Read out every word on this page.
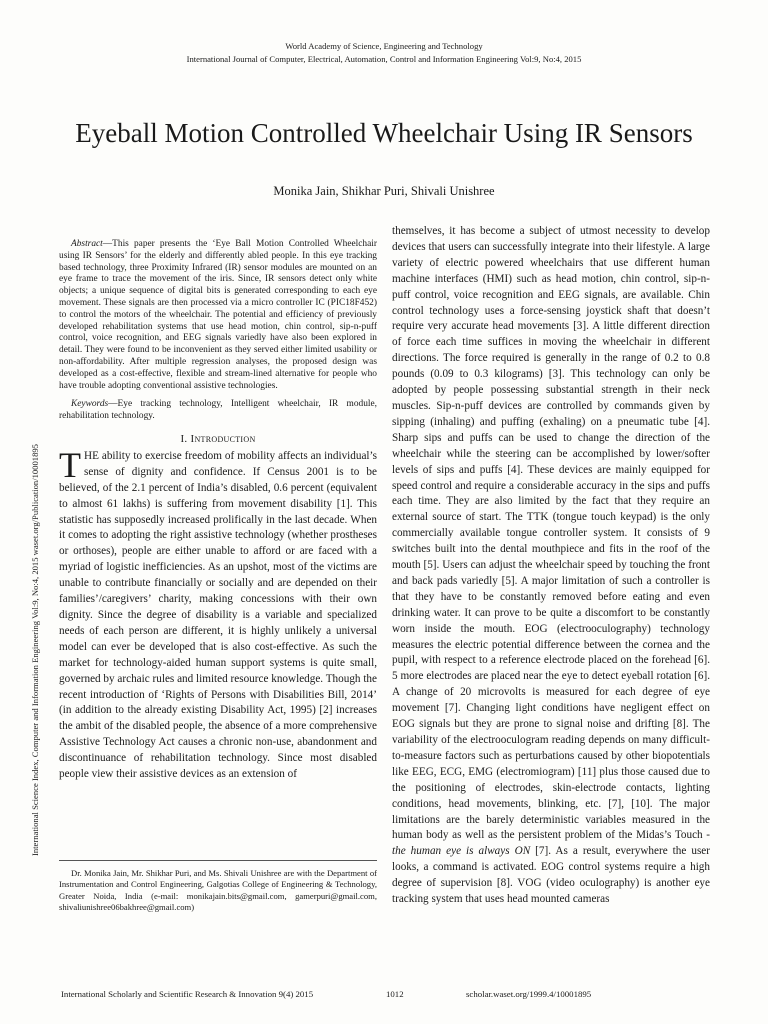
World Academy of Science, Engineering and Technology
International Journal of Computer, Electrical, Automation, Control and Information Engineering Vol:9, No:4, 2015
International Science Index, Computer and Information Engineering Vol:9, No:4, 2015 waset.org/Publication/10001895
Eyeball Motion Controlled Wheelchair Using IR Sensors
Monika Jain, Shikhar Puri, Shivali Unishree

Abstract—This paper presents the ‘Eye Ball Motion Controlled Wheelchair using IR Sensors’ for the elderly and differently abled people. In this eye tracking based technology, three Proximity Infrared (IR) sensor modules are mounted on an eye frame to trace the movement of the iris. Since, IR sensors detect only white objects; a unique sequence of digital bits is generated corresponding to each eye movement. These signals are then processed via a micro controller IC (PIC18F452) to control the motors of the wheelchair. The potential and efficiency of previously developed rehabilitation systems that use head motion, chin control, sip-n-puff control, voice recognition, and EEG signals variedly have also been explored in detail. They were found to be inconvenient as they served either limited usability or non-affordability. After multiple regression analyses, the proposed design was developed as a cost-effective, flexible and stream-lined alternative for people who have trouble adopting conventional assistive technologies.

Keywords—Eye tracking technology, Intelligent wheelchair, IR module, rehabilitation technology.

I. Introduction

THE ability to exercise freedom of mobility affects an individual’s sense of dignity and confidence. If Census 2001 is to be believed, of the 2.1 percent of India’s disabled, 0.6 percent (equivalent to almost 61 lakhs) is suffering from movement disability [1]. This statistic has supposedly increased prolifically in the last decade. When it comes to adopting the right assistive technology (whether prostheses or orthoses), people are either unable to afford or are faced with a myriad of logistic inefficiencies. As an upshot, most of the victims are unable to contribute financially or socially and are depended on their families’/caregivers’ charity, making concessions with their own dignity. Since the degree of disability is a variable and specialized needs of each person are different, it is highly unlikely a universal model can ever be developed that is also cost-effective. As such the market for technology-aided human support systems is quite small, governed by archaic rules and limited resource knowledge. Though the recent introduction of ‘Rights of Persons with Disabilities Bill, 2014’ (in addition to the already existing Disability Act, 1995) [2] increases the ambit of the disabled people, the absence of a more comprehensive Assistive Technology Act causes a chronic non-use, abandonment and discontinuance of rehabilitation technology. Since most disabled people view their assistive devices as an extension of

Dr. Monika Jain, Mr. Shikhar Puri, and Ms. Shivali Unishree are with the Department of Instrumentation and Control Engineering, Galgotias College of Engineering & Technology, Greater Noida, India (e-mail: monikajain.bits@gmail.com, gamerpuri@gmail.com, shivaliunishree06bakhree@gmail.com)

themselves, it has become a subject of utmost necessity to develop devices that users can successfully integrate into their lifestyle. A large variety of electric powered wheelchairs that use different human machine interfaces (HMI) such as head motion, chin control, sip-n-puff control, voice recognition and EEG signals, are available. Chin control technology uses a force-sensing joystick shaft that doesn’t require very accurate head movements [3]. A little different direction of force each time suffices in moving the wheelchair in different directions. The force required is generally in the range of 0.2 to 0.8 pounds (0.09 to 0.3 kilograms) [3]. This technology can only be adopted by people possessing substantial strength in their neck muscles. Sip-n-puff devices are controlled by commands given by sipping (inhaling) and puffing (exhaling) on a pneumatic tube [4]. Sharp sips and puffs can be used to change the direction of the wheelchair while the steering can be accomplished by lower/softer levels of sips and puffs [4]. These devices are mainly equipped for speed control and require a considerable accuracy in the sips and puffs each time. They are also limited by the fact that they require an external source of start. The TTK (tongue touch keypad) is the only commercially available tongue controller system. It consists of 9 switches built into the dental mouthpiece and fits in the roof of the mouth [5]. Users can adjust the wheelchair speed by touching the front and back pads variedly [5]. A major limitation of such a controller is that they have to be constantly removed before eating and even drinking water. It can prove to be quite a discomfort to be constantly worn inside the mouth. EOG (electrooculography) technology measures the electric potential difference between the cornea and the pupil, with respect to a reference electrode placed on the forehead [6]. 5 more electrodes are placed near the eye to detect eyeball rotation [6]. A change of 20 microvolts is measured for each degree of eye movement [7]. Changing light conditions have negligent effect on EOG signals but they are prone to signal noise and drifting [8]. The variability of the electrooculogram reading depends on many difficult-to-measure factors such as perturbations caused by other biopotentials like EEG, ECG, EMG (electromiogram) [11] plus those caused due to the positioning of electrodes, skin-electrode contacts, lighting conditions, head movements, blinking, etc. [7], [10]. The major limitations are the barely deterministic variables measured in the human body as well as the persistent problem of the Midas’s Touch - the human eye is always ON [7]. As a result, everywhere the user looks, a command is activated. EOG control systems require a high degree of supervision [8]. VOG (video oculography) is another eye tracking system that uses head mounted cameras

International Scholarly and Scientific Research & Innovation 9(4) 2015	1012	scholar.waset.org/1999.4/10001895
